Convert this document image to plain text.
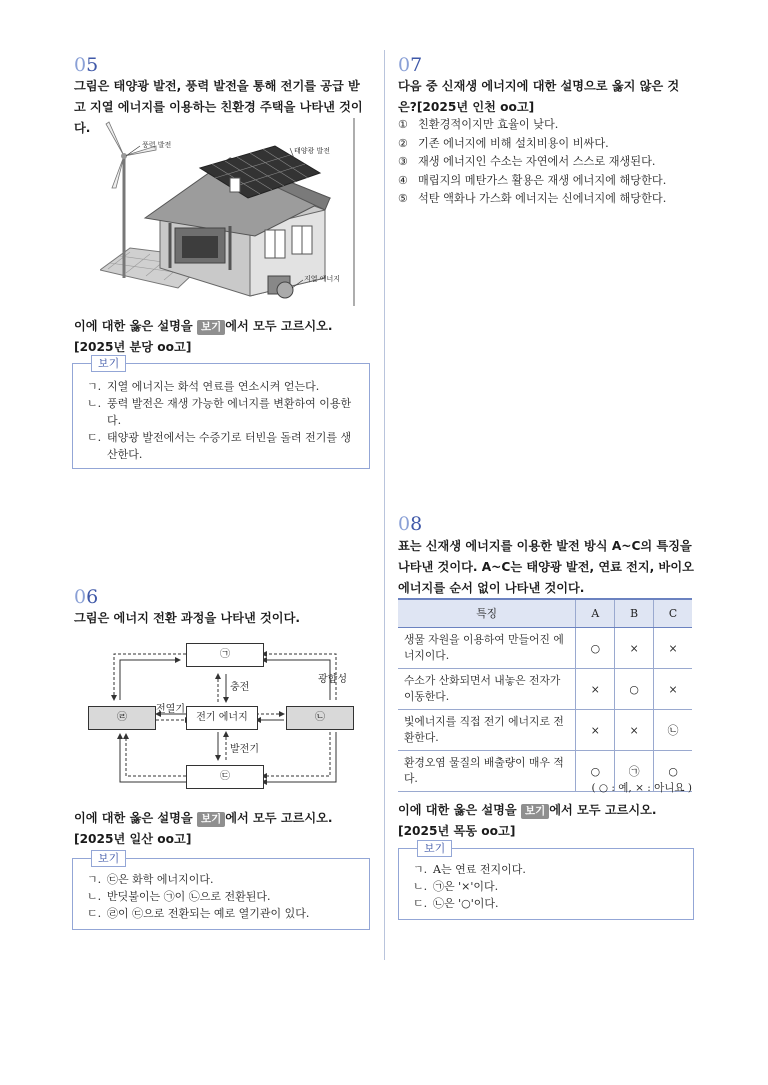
05
그림은 태양광 발전, 풍력 발전을 통해 전기를 공급 받고 지열 에너지를 이용하는 친환경 주택을 나타낸 것이다.
풍력 발전
태양광 발전
지열 에너지
이에 대한 옳은 설명을 보기 에서 모두 고르시오.[2025년 분당 oo고]
보기
ㄱ. 지열 에너지는 화석 연료를 연소시켜 얻는다.
ㄴ. 풍력 발전은 재생 가능한 에너지를 변환하여 이용한다.
ㄷ. 태양광 발전에서는 수증기로 터빈을 돌려 전기를 생산한다.
06
그림은 에너지 전환 과정을 나타낸 것이다.
㉠
전기 에너지
㉣	㉡
㉢
충전
광합성
전열기
발전기
이에 대한 옳은 설명을 보기 에서 모두 고르시오.[2025년 일산 oo고]
보기
ㄱ. ㉢은 화학 에너지이다.
ㄴ. 반딧불이는 ㉠이 ㉡으로 전환된다.
ㄷ. ㉣이 ㉢으로 전환되는 예로 열기관이 있다.
07
다음 중 신재생 에너지에 대한 설명으로 옳지 않은 것은?[2025년 인천 oo고]
① 친환경적이지만 효율이 낮다.
② 기존 에너지에 비해 설치비용이 비싸다.
③ 재생 에너지인 수소는 자연에서 스스로 재생된다.
④ 매립지의 메탄가스 활용은 재생 에너지에 해당한다.
⑤ 석탄 액화나 가스화 에너지는 신에너지에 해당한다.
08
표는 신재생 에너지를 이용한 발전 방식 A~C의 특징을 나타낸 것이다. A~C는 태양광 발전, 연료 전지, 바이오 에너지를 순서 없이 나타낸 것이다.
특징	A	B	C
생물 자원을 이용하여 만들어진 에너지이다.	○	×	×
수소가 산화되면서 내놓은 전자가 이동한다.	×	○	×
빛에너지를 직접 전기 에너지로 전환한다.	×	×	㉡
환경오염 물질의 배출량이 매우 적다.	○	㉠	○
( ○ : 예, × : 아니요 )
이에 대한 옳은 설명을 보기 에서 모두 고르시오.[2025년 목동 oo고]
보기
ㄱ. A는 연료 전지이다.
ㄴ. ㉠은 '×'이다.
ㄷ. ㉡은 '○'이다.
